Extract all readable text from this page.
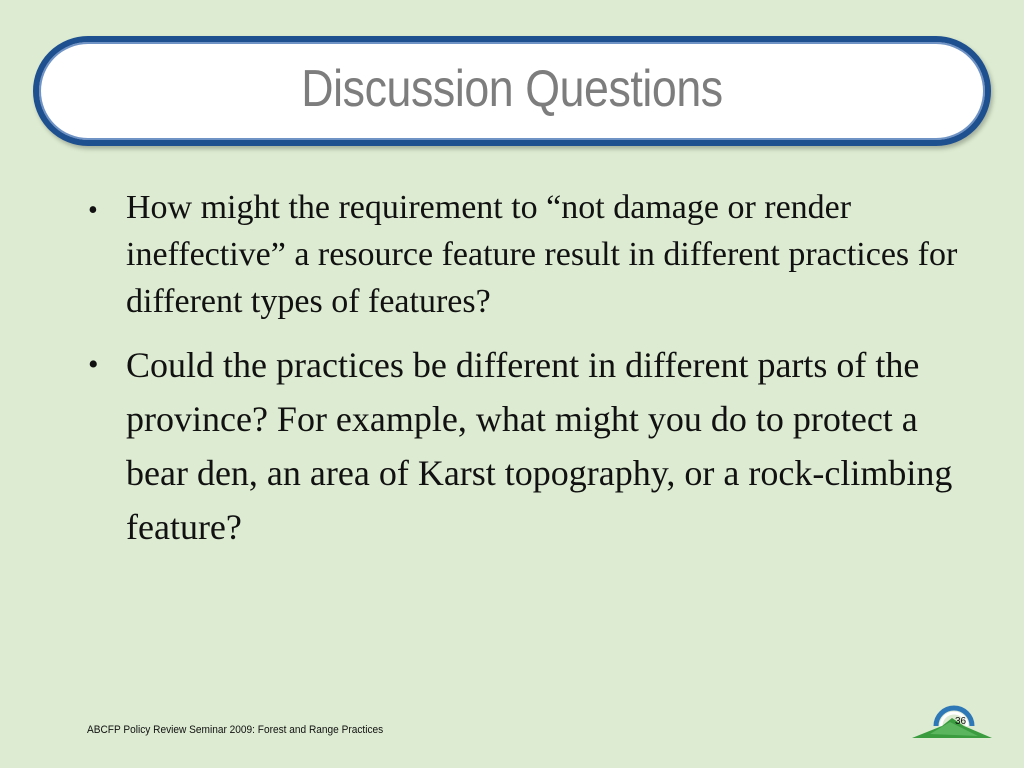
Discussion Questions
• How might the requirement to “not damage or render ineffective” a resource feature result in different practices for different types of features?
• Could the practices be different in different parts of the province? For example, what might you do to protect a bear den, an area of Karst topography, or a rock-climbing feature?
ABCFP Policy Review Seminar 2009: Forest and Range Practices
36
